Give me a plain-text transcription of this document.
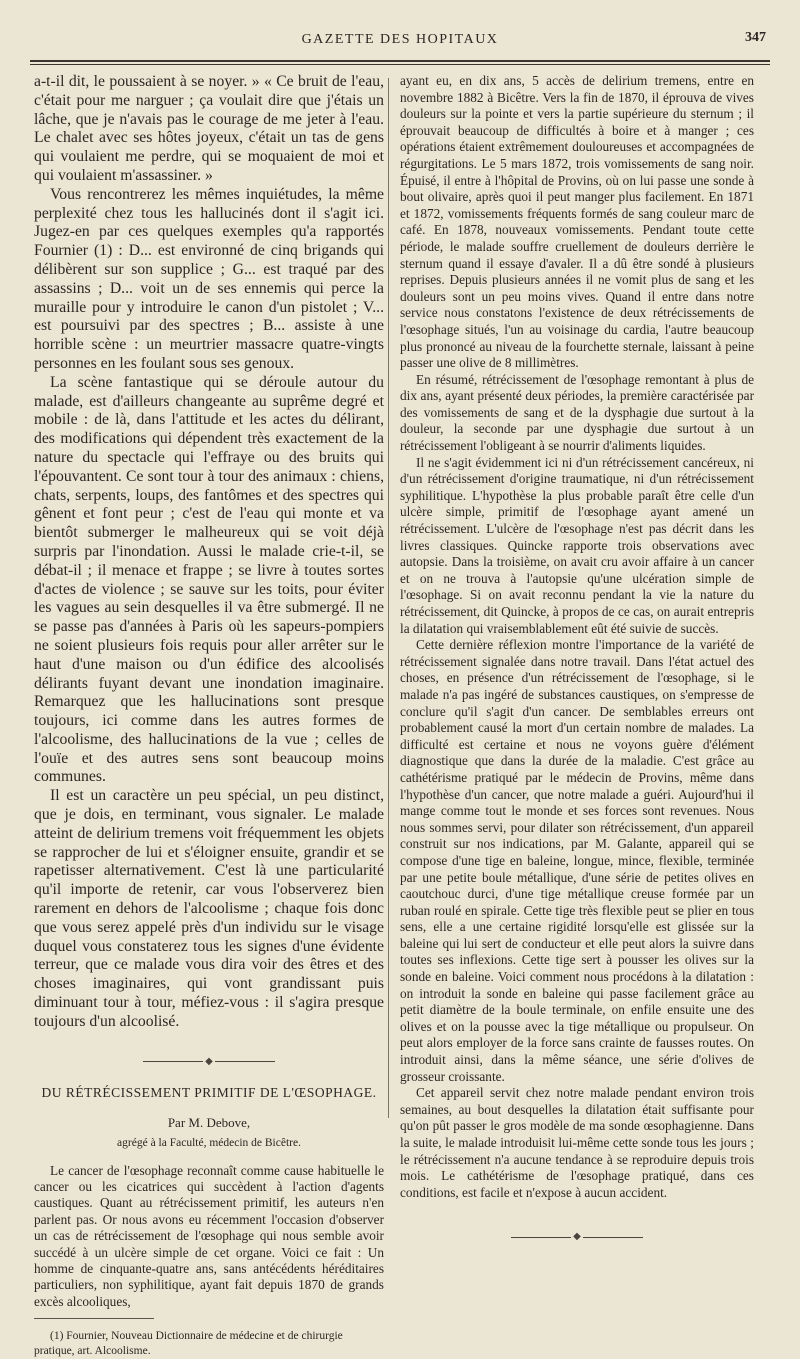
GAZETTE DES HOPITAUX	347

a-t-il dit, le poussaient à se noyer. » « Ce bruit de l'eau, c'était pour me narguer ; ça voulait dire que j'étais un lâche, que je n'avais pas le courage de me jeter à l'eau. Le chalet avec ses hôtes joyeux, c'était un tas de gens qui voulaient me perdre, qui se moquaient de moi et qui voulaient m'assassiner. »

Vous rencontrerez les mêmes inquiétudes, la même perplexité chez tous les hallucinés dont il s'agit ici. Jugez-en par ces quelques exemples qu'a rapportés Fournier (1) : D... est environné de cinq brigands qui délibèrent sur son supplice ; G... est traqué par des assassins ; D... voit un de ses ennemis qui perce la muraille pour y introduire le canon d'un pistolet ; V... est poursuivi par des spectres ; B... assiste à une horrible scène : un meurtrier massacre quatre-vingts personnes en les foulant sous ses genoux.

La scène fantastique qui se déroule autour du malade, est d'ailleurs changeante au suprême degré et mobile : de là, dans l'attitude et les actes du délirant, des modifications qui dépendent très exactement de la nature du spectacle qui l'effraye ou des bruits qui l'épouvantent. Ce sont tour à tour des animaux : chiens, chats, serpents, loups, des fantômes et des spectres qui gênent et font peur ; c'est de l'eau qui monte et va bientôt submerger le malheureux qui se voit déjà surpris par l'inondation. Aussi le malade crie-t-il, se débat-il ; il menace et frappe ; se livre à toutes sortes d'actes de violence ; se sauve sur les toits, pour éviter les vagues au sein desquelles il va être submergé. Il ne se passe pas d'années à Paris où les sapeurs-pompiers ne soient plusieurs fois requis pour aller arrêter sur le haut d'une maison ou d'un édifice des alcoolisés délirants fuyant devant une inondation imaginaire. Remarquez que les hallucinations sont presque toujours, ici comme dans les autres formes de l'alcoolisme, des hallucinations de la vue ; celles de l'ouïe et des autres sens sont beaucoup moins communes.

Il est un caractère un peu spécial, un peu distinct, que je dois, en terminant, vous signaler. Le malade atteint de delirium tremens voit fréquemment les objets se rapprocher de lui et s'éloigner ensuite, grandir et se rapetisser alternativement. C'est là une particularité qu'il importe de retenir, car vous l'observerez bien rarement en dehors de l'alcoolisme ; chaque fois donc que vous serez appelé près d'un individu sur le visage duquel vous constaterez tous les signes d'une évidente terreur, que ce malade vous dira voir des êtres et des choses imaginaires, qui vont grandissant puis diminuant tour à tour, méfiez-vous : il s'agira presque toujours d'un alcoolisé.

◆

DU RÉTRÉCISSEMENT PRIMITIF DE L'ŒSOPHAGE.

Par M. Debove,

agrégé à la Faculté, médecin de Bicêtre.

Le cancer de l'œsophage reconnaît comme cause habituelle le cancer ou les cicatrices qui succèdent à l'action d'agents caustiques. Quant au rétrécissement primitif, les auteurs n'en parlent pas. Or nous avons eu récemment l'occasion d'observer un cas de rétrécissement de l'œsophage qui nous semble avoir succédé à un ulcère simple de cet organe. Voici ce fait : Un homme de cinquante-quatre ans, sans antécédents héréditaires particuliers, non syphilitique, ayant fait depuis 1870 de grands excès alcooliques,

(1) Fournier, Nouveau Dictionnaire de médecine et de chirurgie pratique, art. Alcoolisme.

ayant eu, en dix ans, 5 accès de delirium tremens, entre en novembre 1882 à Bicêtre. Vers la fin de 1870, il éprouva de vives douleurs sur la pointe et vers la partie supérieure du sternum ; il éprouvait beaucoup de difficultés à boire et à manger ; ces opérations étaient extrêmement douloureuses et accompagnées de régurgitations. Le 5 mars 1872, trois vomissements de sang noir. Épuisé, il entre à l'hôpital de Provins, où on lui passe une sonde à bout olivaire, après quoi il peut manger plus facilement. En 1871 et 1872, vomissements fréquents formés de sang couleur marc de café. En 1878, nouveaux vomissements. Pendant toute cette période, le malade souffre cruellement de douleurs derrière le sternum quand il essaye d'avaler. Il a dû être sondé à plusieurs reprises. Depuis plusieurs années il ne vomit plus de sang et les douleurs sont un peu moins vives. Quand il entre dans notre service nous constatons l'existence de deux rétrécissements de l'œsophage situés, l'un au voisinage du cardia, l'autre beaucoup plus prononcé au niveau de la fourchette sternale, laissant à peine passer une olive de 8 millimètres.

En résumé, rétrécissement de l'œsophage remontant à plus de dix ans, ayant présenté deux périodes, la première caractérisée par des vomissements de sang et de la dysphagie due surtout à la douleur, la seconde par une dysphagie due surtout à un rétrécissement l'obligeant à se nourrir d'aliments liquides.

Il ne s'agit évidemment ici ni d'un rétrécissement cancéreux, ni d'un rétrécissement d'origine traumatique, ni d'un rétrécissement syphilitique. L'hypothèse la plus probable paraît être celle d'un ulcère simple, primitif de l'œsophage ayant amené un rétrécissement. L'ulcère de l'œsophage n'est pas décrit dans les livres classiques. Quincke rapporte trois observations avec autopsie. Dans la troisième, on avait cru avoir affaire à un cancer et on ne trouva à l'autopsie qu'une ulcération simple de l'œsophage. Si on avait reconnu pendant la vie la nature du rétrécissement, dit Quincke, à propos de ce cas, on aurait entrepris la dilatation qui vraisemblablement eût été suivie de succès.

Cette dernière réflexion montre l'importance de la variété de rétrécissement signalée dans notre travail. Dans l'état actuel des choses, en présence d'un rétrécissement de l'œsophage, si le malade n'a pas ingéré de substances caustiques, on s'empresse de conclure qu'il s'agit d'un cancer. De semblables erreurs ont probablement causé la mort d'un certain nombre de malades. La difficulté est certaine et nous ne voyons guère d'élément diagnostique que dans la durée de la maladie. C'est grâce au cathétérisme pratiqué par le médecin de Provins, même dans l'hypothèse d'un cancer, que notre malade a guéri. Aujourd'hui il mange comme tout le monde et ses forces sont revenues. Nous nous sommes servi, pour dilater son rétrécissement, d'un appareil construit sur nos indications, par M. Galante, appareil qui se compose d'une tige en baleine, longue, mince, flexible, terminée par une petite boule métallique, d'une série de petites olives en caoutchouc durci, d'une tige métallique creuse formée par un ruban roulé en spirale. Cette tige très flexible peut se plier en tous sens, elle a une certaine rigidité lorsqu'elle est glissée sur la baleine qui lui sert de conducteur et elle peut alors la suivre dans toutes ses inflexions. Cette tige sert à pousser les olives sur la sonde en baleine. Voici comment nous procédons à la dilatation : on introduit la sonde en baleine qui passe facilement grâce au petit diamètre de la boule terminale, on enfile ensuite une des olives et on la pousse avec la tige métallique ou propulseur. On peut alors employer de la force sans crainte de fausses routes. On introduit ainsi, dans la même séance, une série d'olives de grosseur croissante.

Cet appareil servit chez notre malade pendant environ trois semaines, au bout desquelles la dilatation était suffisante pour qu'on pût passer le gros modèle de ma sonde œsophagienne. Dans la suite, le malade introduisit lui-même cette sonde tous les jours ; le rétrécissement n'a aucune tendance à se reproduire depuis trois mois. Le cathétérisme de l'œsophage pratiqué, dans ces conditions, est facile et n'expose à aucun accident.

◆
